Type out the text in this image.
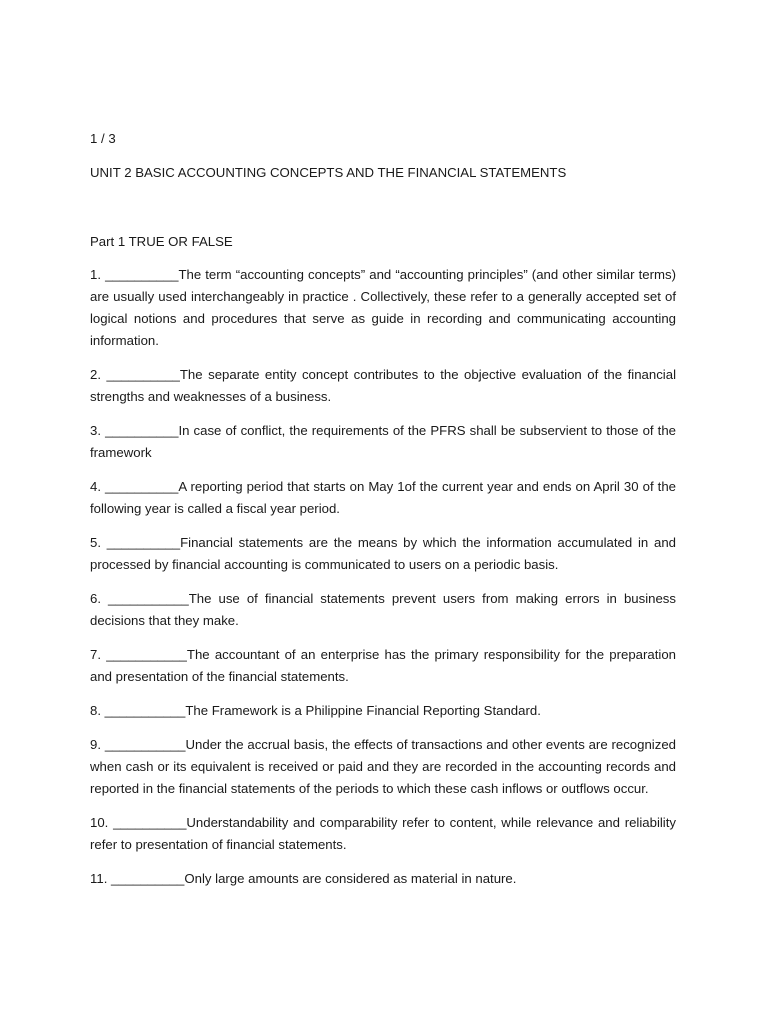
1 / 3
UNIT 2 BASIC ACCOUNTING CONCEPTS AND THE FINANCIAL STATEMENTS
Part 1 TRUE OR FALSE
1. __________The term “accounting concepts” and “accounting principles” (and other similar terms) are usually used interchangeably in practice . Collectively, these refer to a generally accepted set of logical notions and procedures that serve as guide in recording and communicating accounting information.
2. __________The separate entity concept contributes to the objective evaluation of the financial strengths and weaknesses of a business.
3. __________In case of conflict, the requirements of the PFRS shall be subservient to those of the framework
4. __________A reporting period that starts on May 1of the current year and ends on April 30 of the following year is called a fiscal year period.
5. __________Financial statements are the means by which the information accumulated in and processed by financial accounting is communicated to users on a periodic basis.
6. ___________The use of financial statements prevent users from making errors in business decisions that they make.
7. ___________The accountant of an enterprise has the primary responsibility for the preparation and presentation of the financial statements.
8. ___________The Framework is a Philippine Financial Reporting Standard.
9. ___________Under the accrual basis, the effects of transactions and other events are recognized when cash or its equivalent is received or paid and they are recorded in the accounting records and reported in the financial statements of the periods to which these cash inflows or outflows occur.
10. __________Understandability and comparability refer to content, while relevance and reliability refer to presentation of financial statements.
11. __________Only large amounts are considered as material in nature.
